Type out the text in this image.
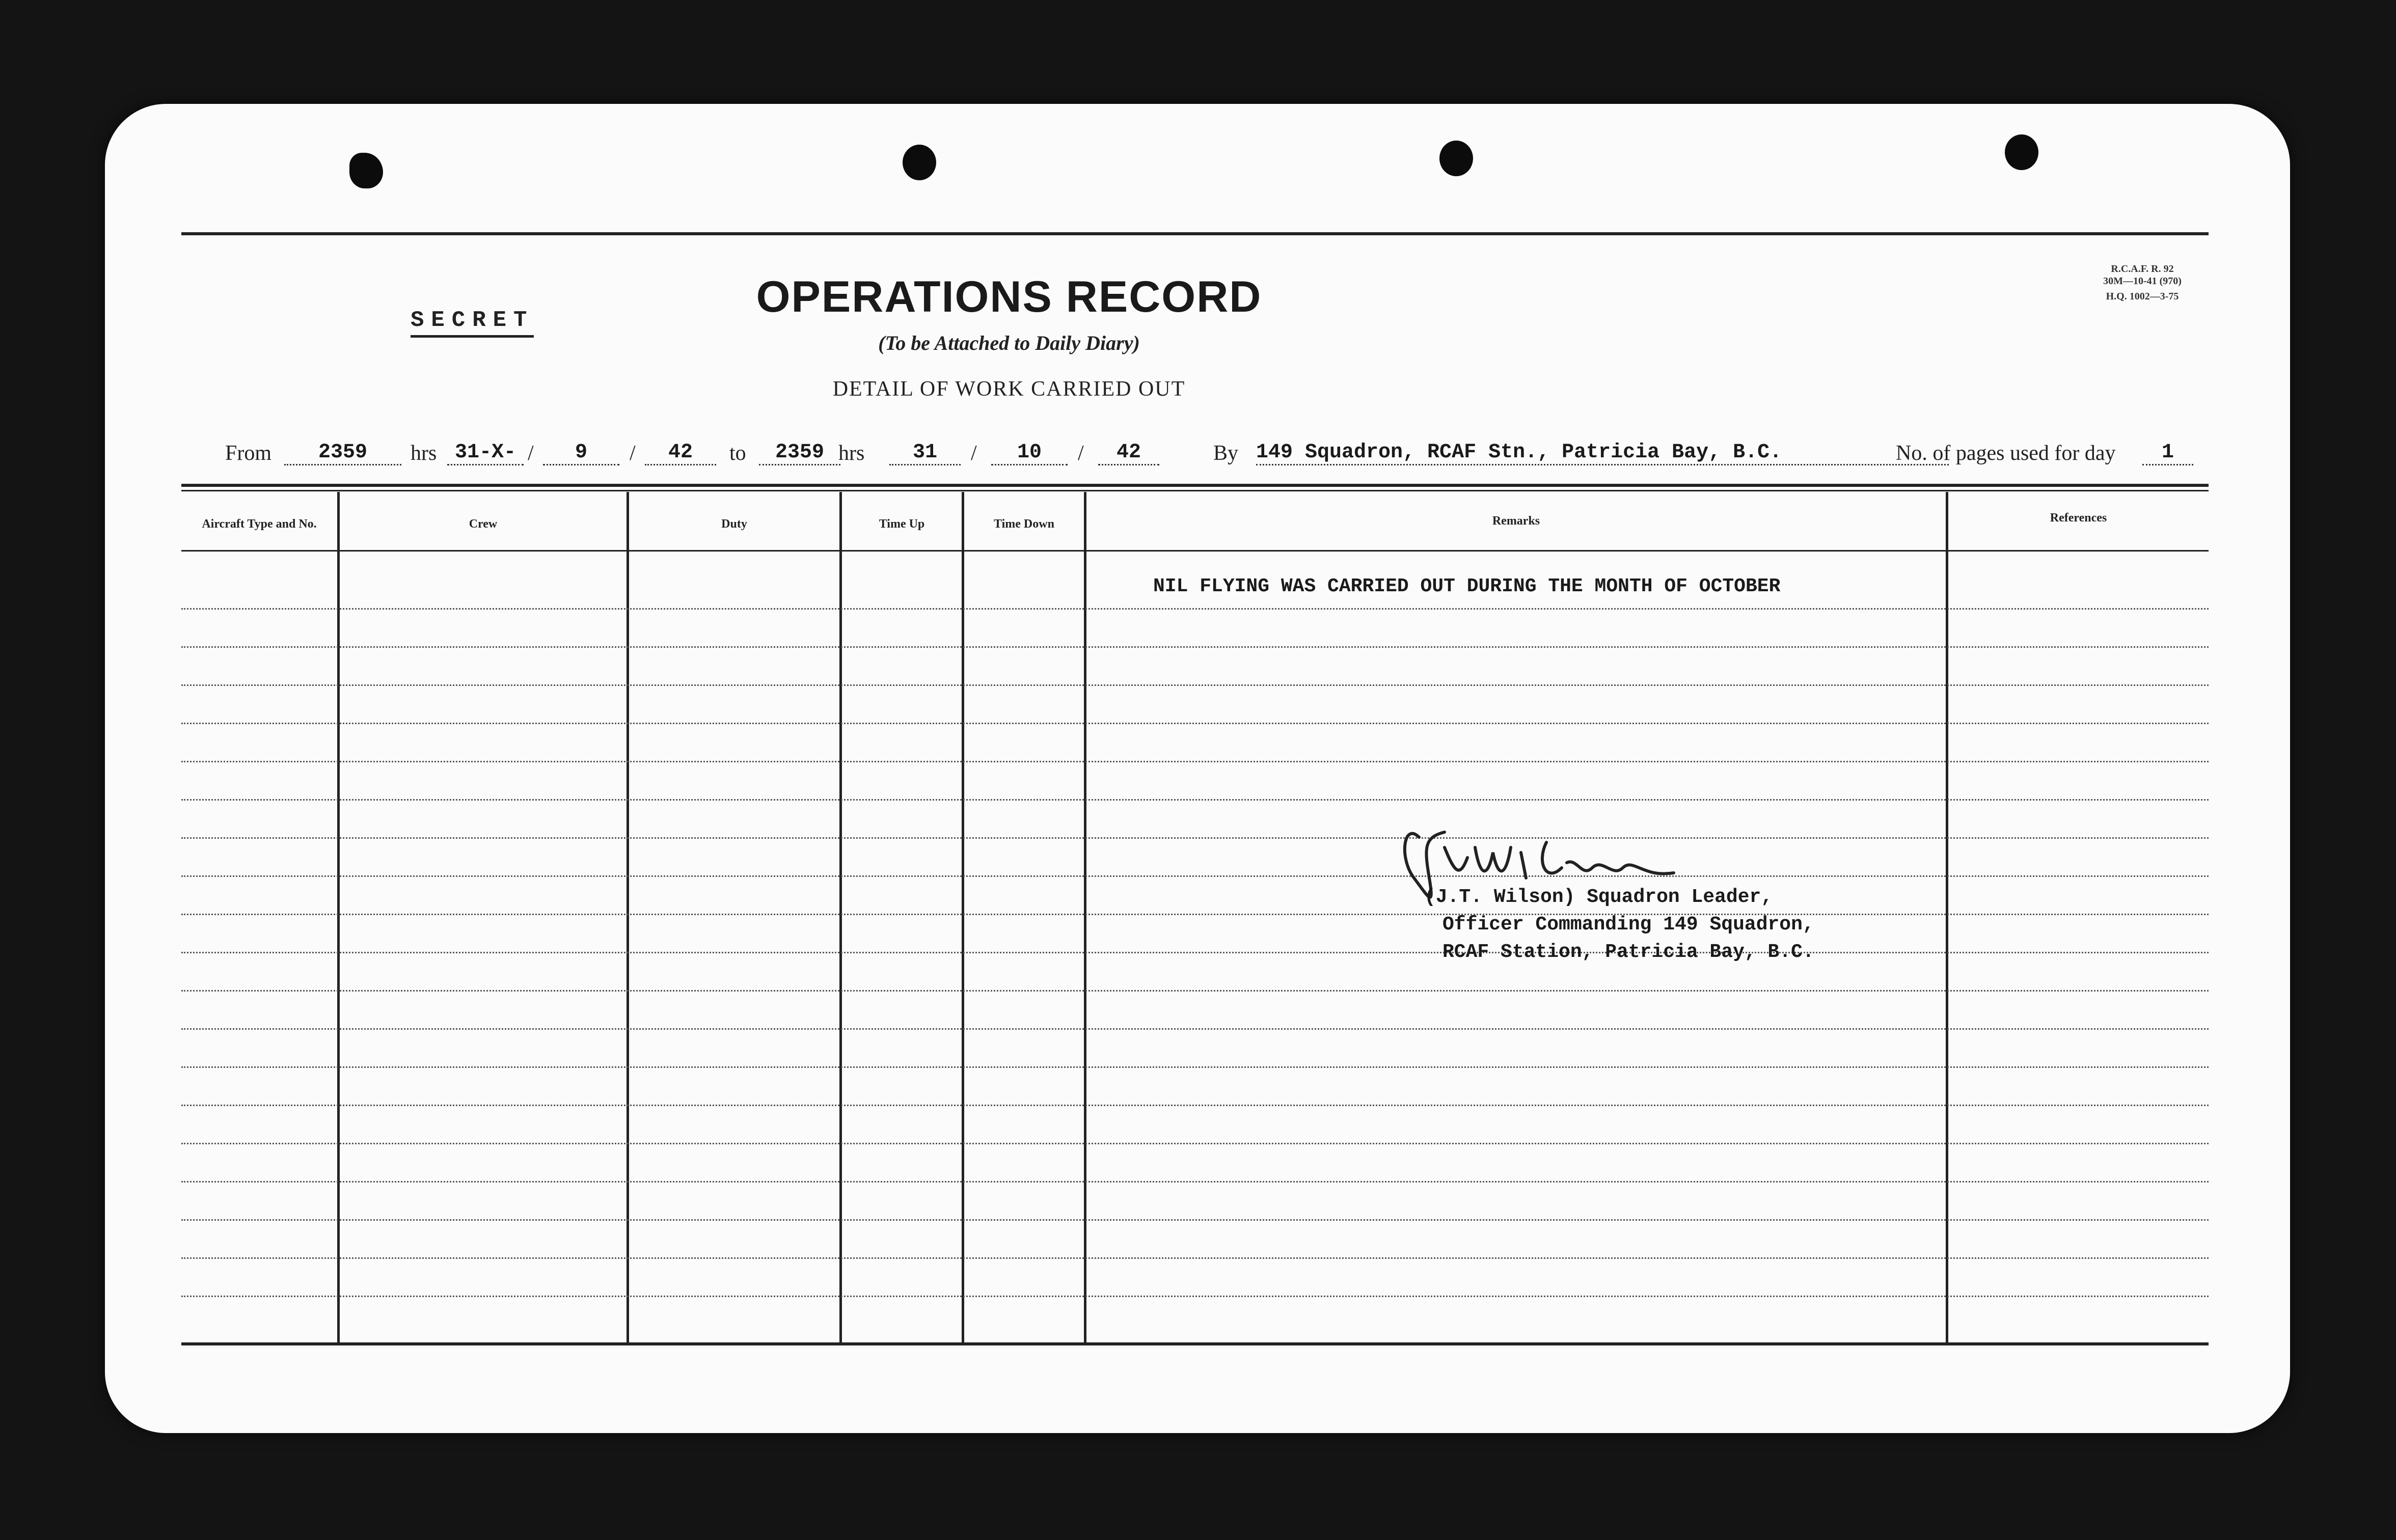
SECRET	OPERATIONS RECORD
(To be Attached to Daily Diary)
DETAIL OF WORK CARRIED OUT
R.C.A.F. R. 92
30M—10-41 (970)
H.Q. 1002—3-75
From	2359	hrs 31-X- /	9	/	42	to	2359 hrs	31	/	10	/	42	By 149 Squadron, RCAF Stn., Patricia Bay, B.C.	No. of pages used for day	1
Aircraft Type and No.	Crew	Duty	Time Up	Time Down	Remarks	References
NIL FLYING WAS CARRIED OUT DURING THE MONTH OF OCTOBER
(J.T. Wilson) Squadron Leader,
Officer Commanding 149 Squadron,
RCAF Station, Patricia Bay, B.C.
